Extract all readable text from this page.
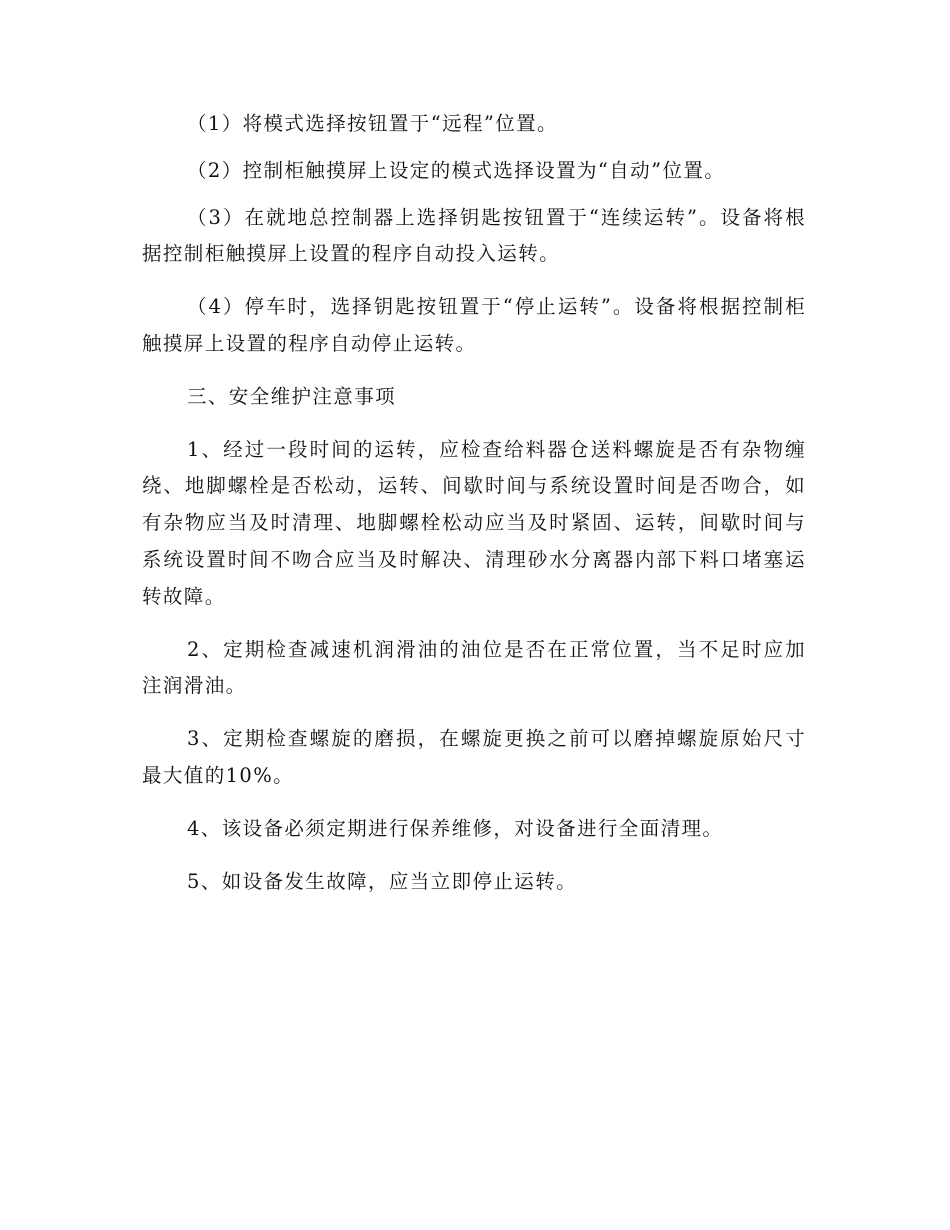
（1）将模式选择按钮置于“远程”位置。

（2）控制柜触摸屏上设定的模式选择设置为“自动”位置。

（3）在就地总控制器上选择钥匙按钮置于“连续运转”。设备将根据控制柜触摸屏上设置的程序自动投入运转。

（4）停车时，选择钥匙按钮置于“停止运转”。设备将根据控制柜触摸屏上设置的程序自动停止运转。

三、安全维护注意事项

1、经过一段时间的运转，应检查给料器仓送料螺旋是否有杂物缠绕、地脚螺栓是否松动，运转、间歇时间与系统设置时间是否吻合，如有杂物应当及时清理、地脚螺栓松动应当及时紧固、运转，间歇时间与系统设置时间不吻合应当及时解决、清理砂水分离器内部下料口堵塞运转故障。

2、定期检查减速机润滑油的油位是否在正常位置，当不足时应加注润滑油。

3、定期检查螺旋的磨损，在螺旋更换之前可以磨掉螺旋原始尺寸最大值的10%。

4、该设备必须定期进行保养维修，对设备进行全面清理。

5、如设备发生故障，应当立即停止运转。
